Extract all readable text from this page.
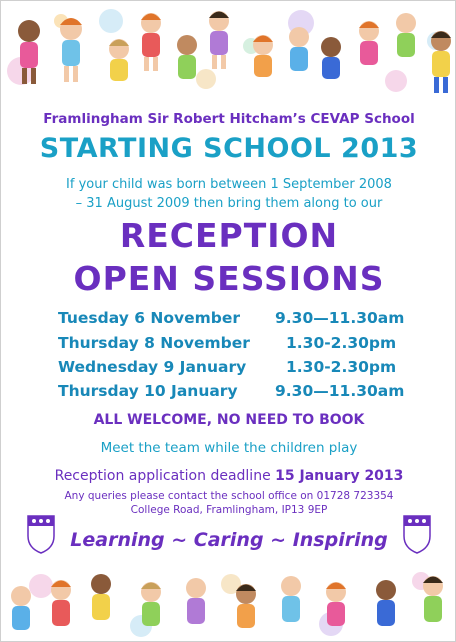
Framlingham Sir Robert Hitcham’s CEVAP School
STARTING SCHOOL 2013
If your child was born between 1 September 2008
– 31 August 2009 then bring them along to our
RECEPTION
OPEN SESSIONS
Tuesday 6 November 9.30—11.30am
Thursday 8 November 1.30-2.30pm
Wednesday 9 January	1.30-2.30pm
Thursday 10 January 9.30—11.30am
ALL WELCOME, NO NEED TO BOOK
Meet the team while the children play
Reception application deadline 15 January 2013
Any queries please contact the school office on 01728 723354
College Road, Framlingham, IP13 9EP
Learning ~ Caring ~ Inspiring
